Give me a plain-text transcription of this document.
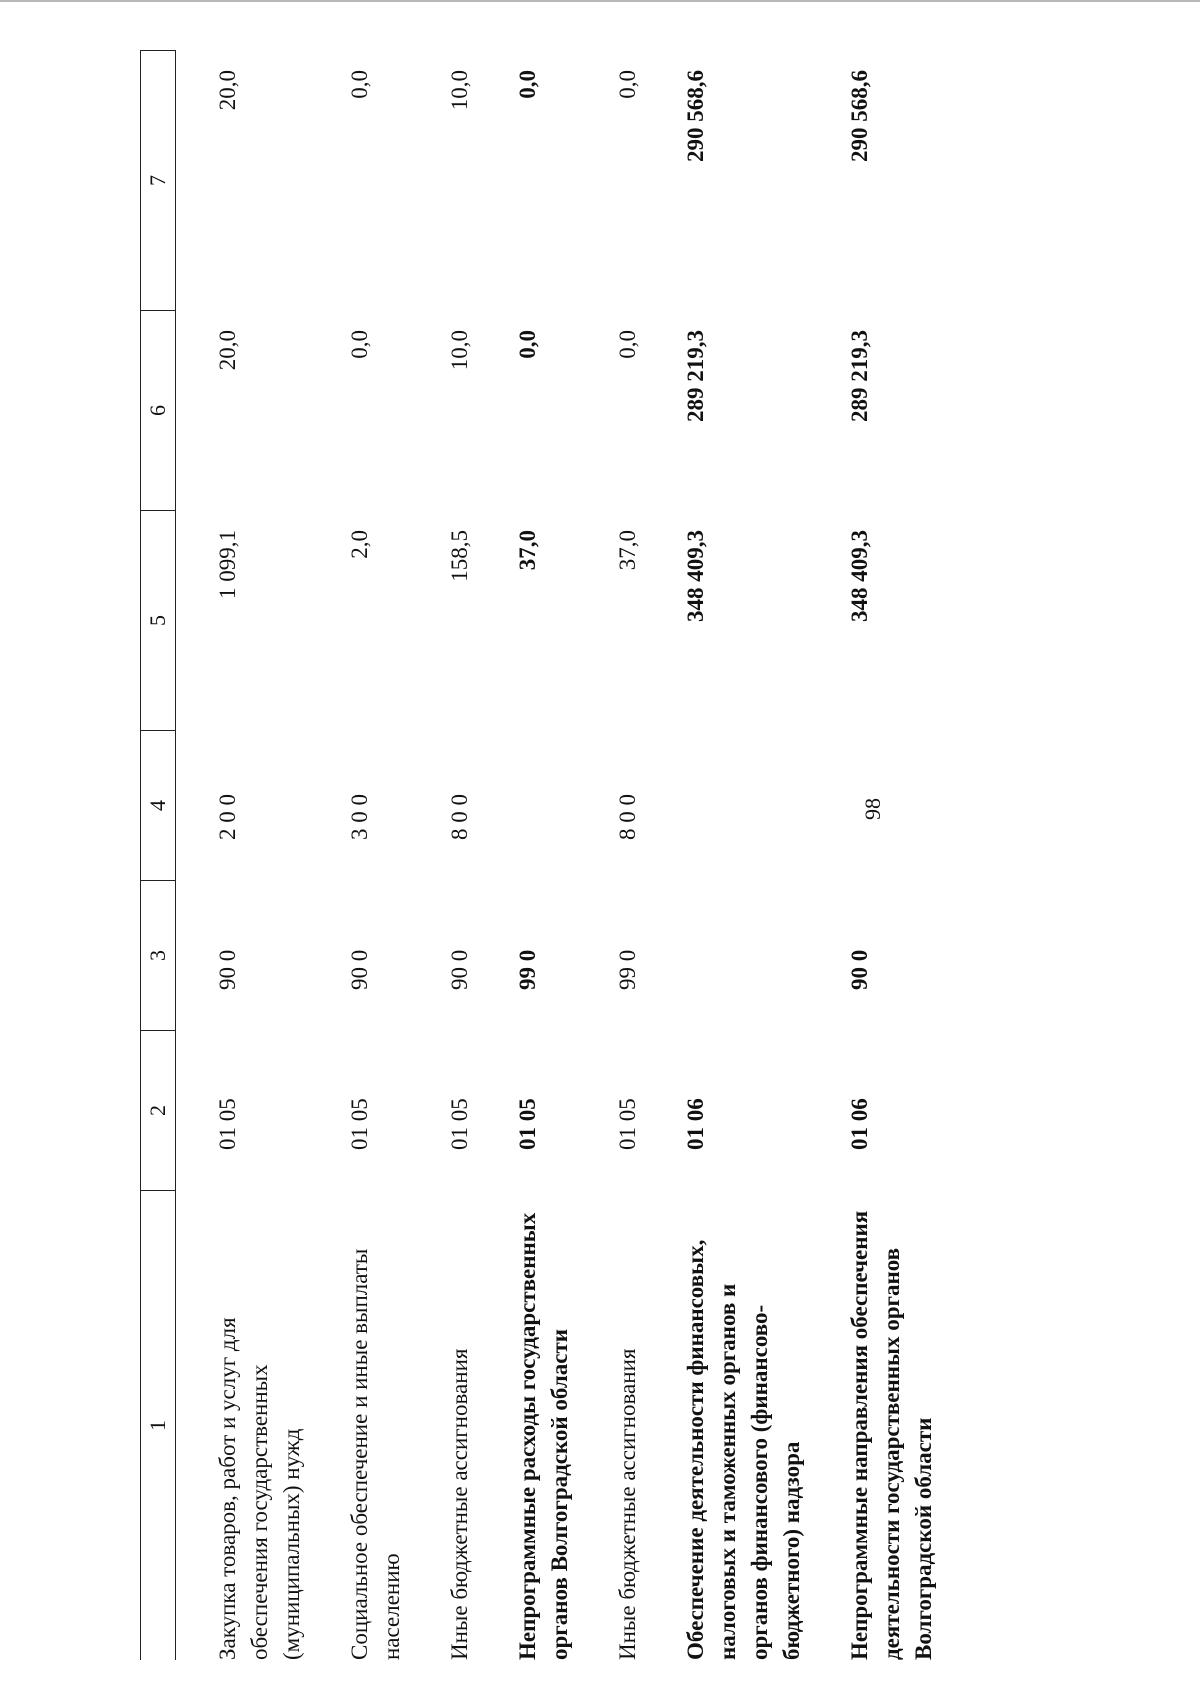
98
1
2
3
4
5
6
7
Закупка товаров, работ и услуг для обеспечения государственных (муниципальных) нужд
01 05
90 0
2 0 0
1 099,1
20,0
20,0
Социальное обеспечение и иные выплаты населению
01 05
90 0
3 0 0
2,0
0,0
0,0
Иные бюджетные ассигнования
01 05
90 0
8 0 0
158,5
10,0
10,0
Непрограммные расходы государственных органов Волгоградской области
01 05
99 0
37,0
0,0
0,0
Иные бюджетные ассигнования
01 05
99 0
8 0 0
37,0
0,0
0,0
Обеспечение деятельности финансовых, налоговых и таможенных органов и органов финансового (финансово-бюджетного) надзора
01 06
348 409,3
289 219,3
290 568,6
Непрограммные направления обеспечения деятельности государственных органов Волгоградской области
01 06
90 0
348 409,3
289 219,3
290 568,6
